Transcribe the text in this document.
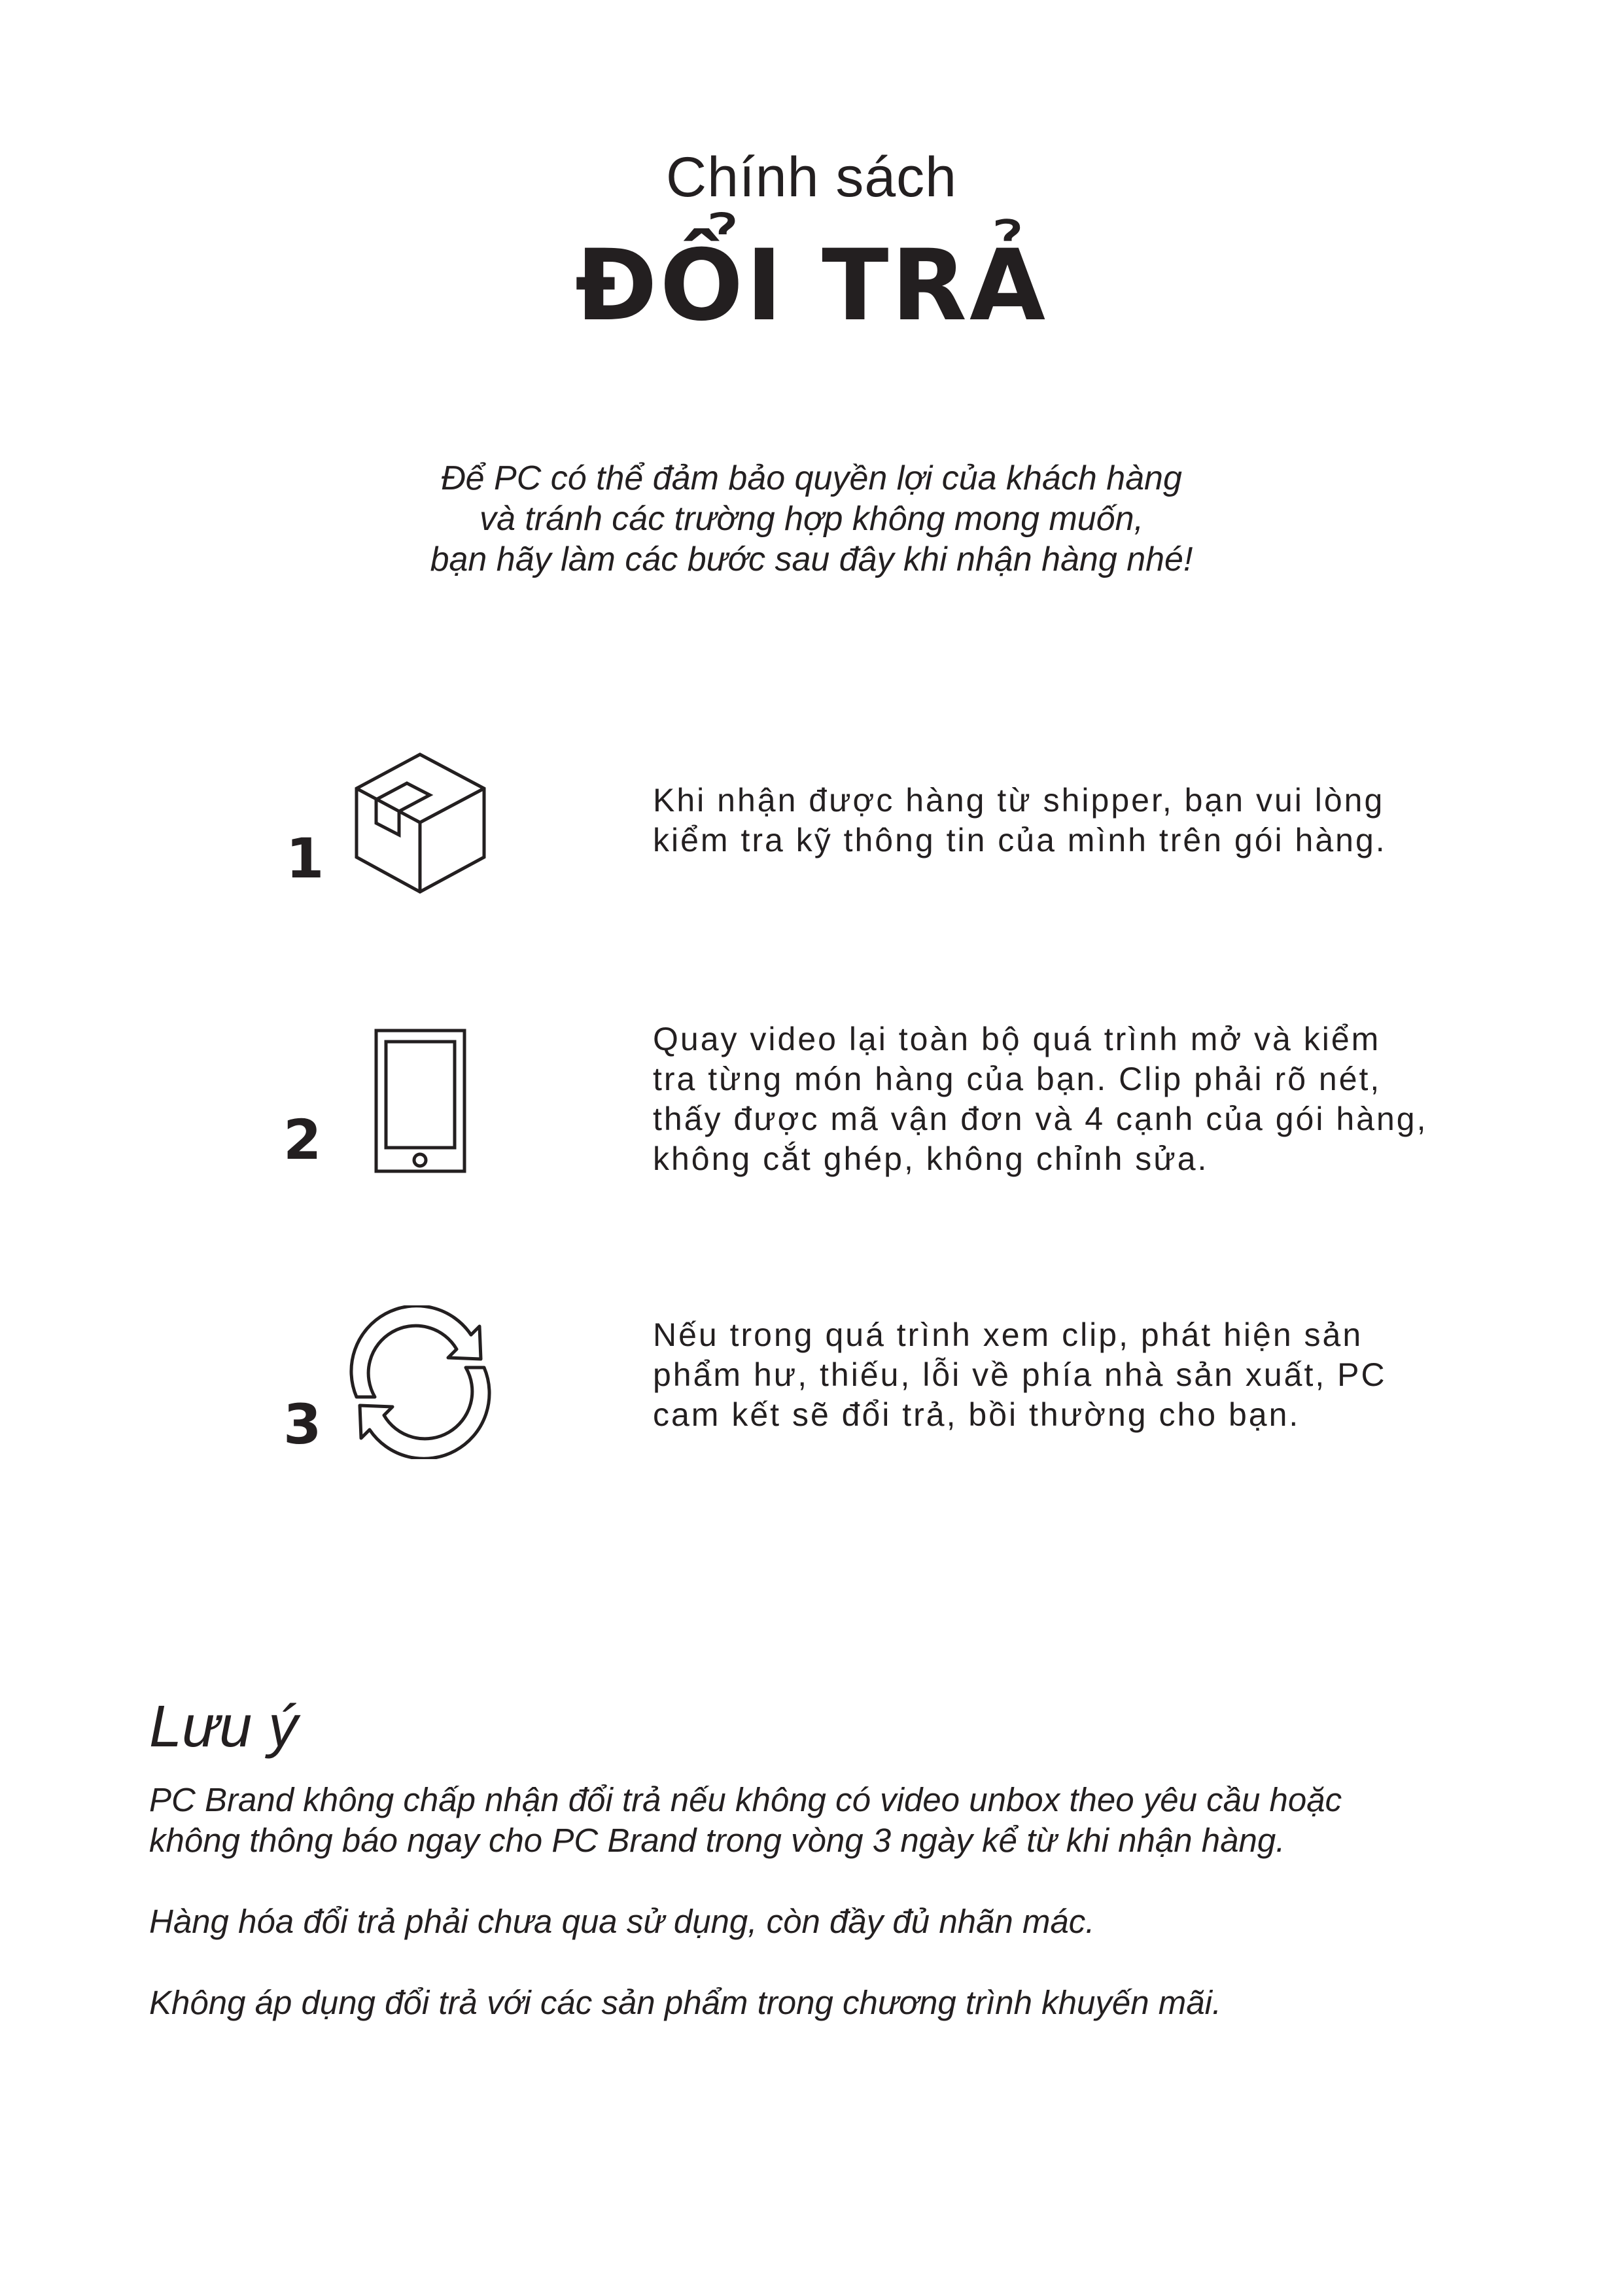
Chính sách
ĐỔI TRẢ
Để PC có thể đảm bảo quyền lợi của khách hàng
và tránh các trường hợp không mong muốn,
bạn hãy làm các bước sau đây khi nhận hàng nhé!
1
Khi nhận được hàng từ shipper, bạn vui lòng
kiểm tra kỹ thông tin của mình trên gói hàng.
2
Quay video lại toàn bộ quá trình mở và kiểm
tra từng món hàng của bạn. Clip phải rõ nét,
thấy được mã vận đơn và 4 cạnh của gói hàng,
không cắt ghép, không chỉnh sửa.
3
Nếu trong quá trình xem clip, phát hiện sản
phẩm hư, thiếu, lỗi về phía nhà sản xuất, PC
cam kết sẽ đổi trả, bồi thường cho bạn.
Lưu ý
PC Brand không chấp nhận đổi trả nếu không có video unbox theo yêu cầu hoặc
không thông báo ngay cho PC Brand trong vòng 3 ngày kể từ khi nhận hàng.
Hàng hóa đổi trả phải chưa qua sử dụng, còn đầy đủ nhãn mác.
Không áp dụng đổi trả với các sản phẩm trong chương trình khuyến mãi.
